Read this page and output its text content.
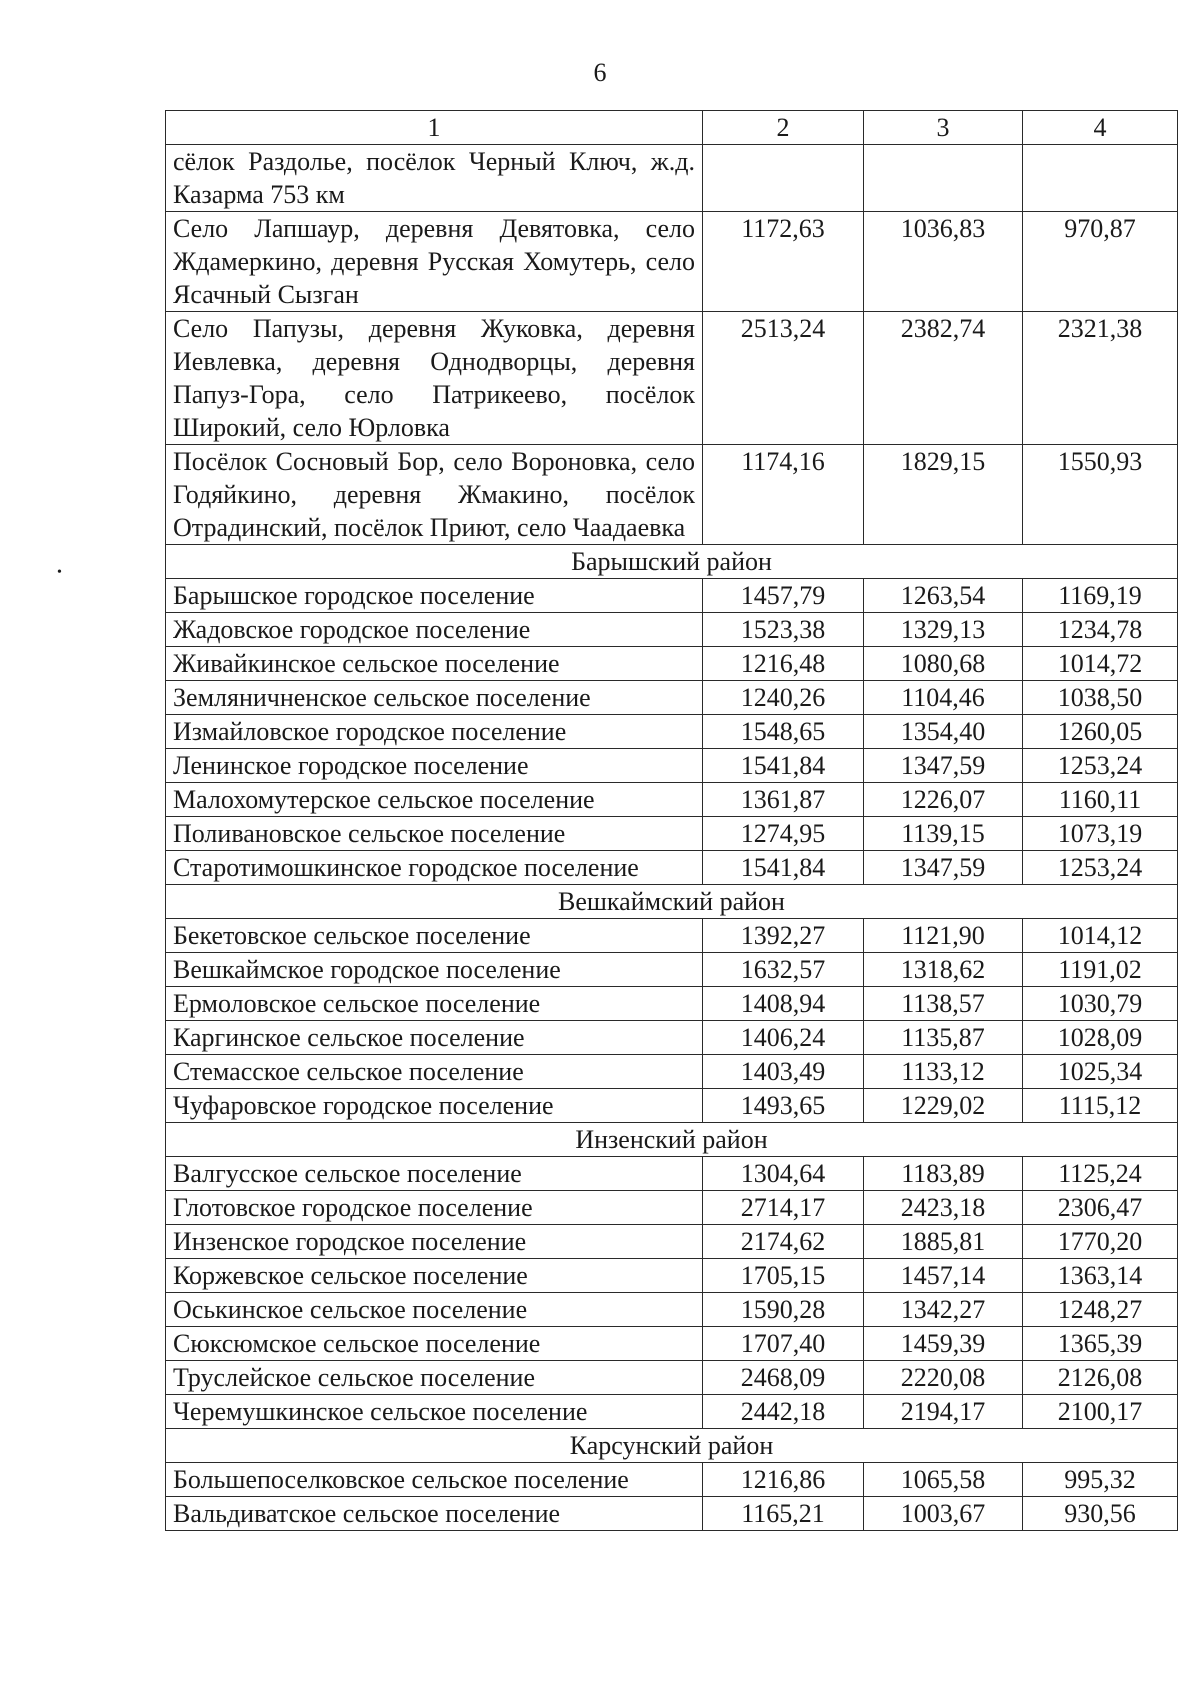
6
•
1	2	3	4
сёлок Раздолье, посёлок Черный Ключ, ж.д. Казарма 753 км			
Село Лапшаур, деревня Девятовка, село Ждамеркино, деревня Русская Хомутерь, село Ясачный Сызган	1172,63	1036,83	970,87
Село Папузы, деревня Жуковка, деревня Иевлевка, деревня Однодворцы, деревня Папуз-Гора, село Патрикеево, посёлок Широкий, село Юрловка	2513,24	2382,74	2321,38
Посёлок Сосновый Бор, село Вороновка, село Годяйкино, деревня Жмакино, посёлок Отрадинский, посёлок Приют, село Чаадаевка	1174,16	1829,15	1550,93
Барышский район			
Барышское городское поселение	1457,79	1263,54	1169,19
Жадовское городское поселение	1523,38	1329,13	1234,78
Живайкинское сельское поселение	1216,48	1080,68	1014,72
Земляничненское сельское поселение	1240,26	1104,46	1038,50
Измайловское городское поселение	1548,65	1354,40	1260,05
Ленинское городское поселение	1541,84	1347,59	1253,24
Малохомутерское сельское поселение	1361,87	1226,07	1160,11
Поливановское сельское поселение	1274,95	1139,15	1073,19
Старотимошкинское городское поселение	1541,84	1347,59	1253,24
Вешкаймский район			
Бекетовское сельское поселение	1392,27	1121,90	1014,12
Вешкаймское городское поселение	1632,57	1318,62	1191,02
Ермоловское сельское поселение	1408,94	1138,57	1030,79
Каргинское сельское поселение	1406,24	1135,87	1028,09
Стемасское сельское поселение	1403,49	1133,12	1025,34
Чуфаровское городское поселение	1493,65	1229,02	1115,12
Инзенский район			
Валгусское сельское поселение	1304,64	1183,89	1125,24
Глотовское городское поселение	2714,17	2423,18	2306,47
Инзенское городское поселение	2174,62	1885,81	1770,20
Коржевское сельское поселение	1705,15	1457,14	1363,14
Оськинское сельское поселение	1590,28	1342,27	1248,27
Сюксюмское сельское поселение	1707,40	1459,39	1365,39
Труслейское сельское поселение	2468,09	2220,08	2126,08
Черемушкинское сельское поселение	2442,18	2194,17	2100,17
Карсунский район			
Большепоселковское сельское поселение	1216,86	1065,58	995,32
Вальдиватское сельское поселение	1165,21	1003,67	930,56
